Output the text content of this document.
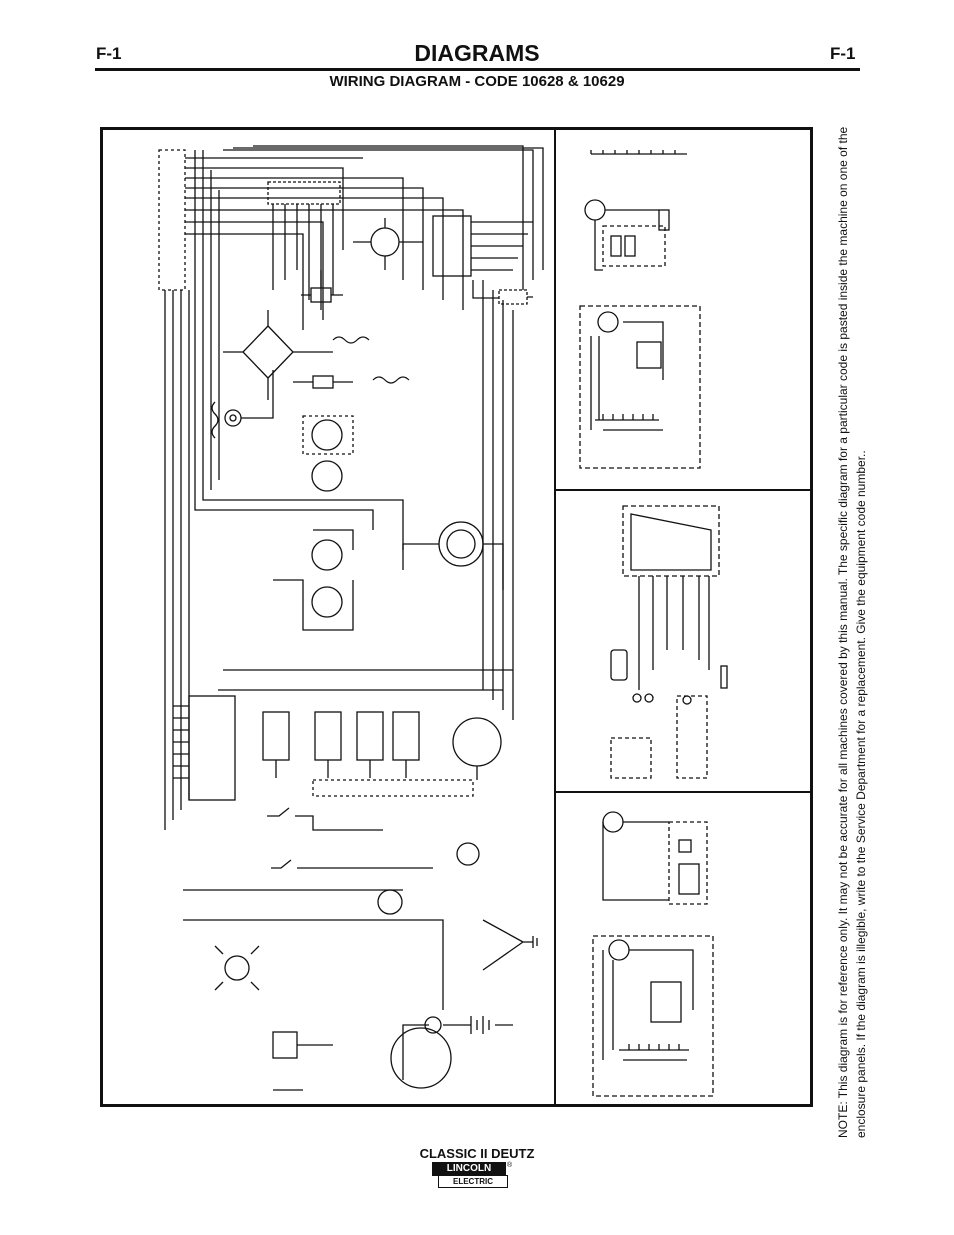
F-1	DIAGRAMS	F-1
WIRING DIAGRAM - CODE 10628 & 10629
NOTE: This diagram is for reference only. It may not be accurate for all machines covered by this manual. The specific diagram for a particular code is pasted inside the machine on one of the enclosure panels. If the diagram is illegible, write to the Service Department for a replacement. Give the equipment code number..
CLASSIC II DEUTZ
LINCOLN
ELECTRIC
®
